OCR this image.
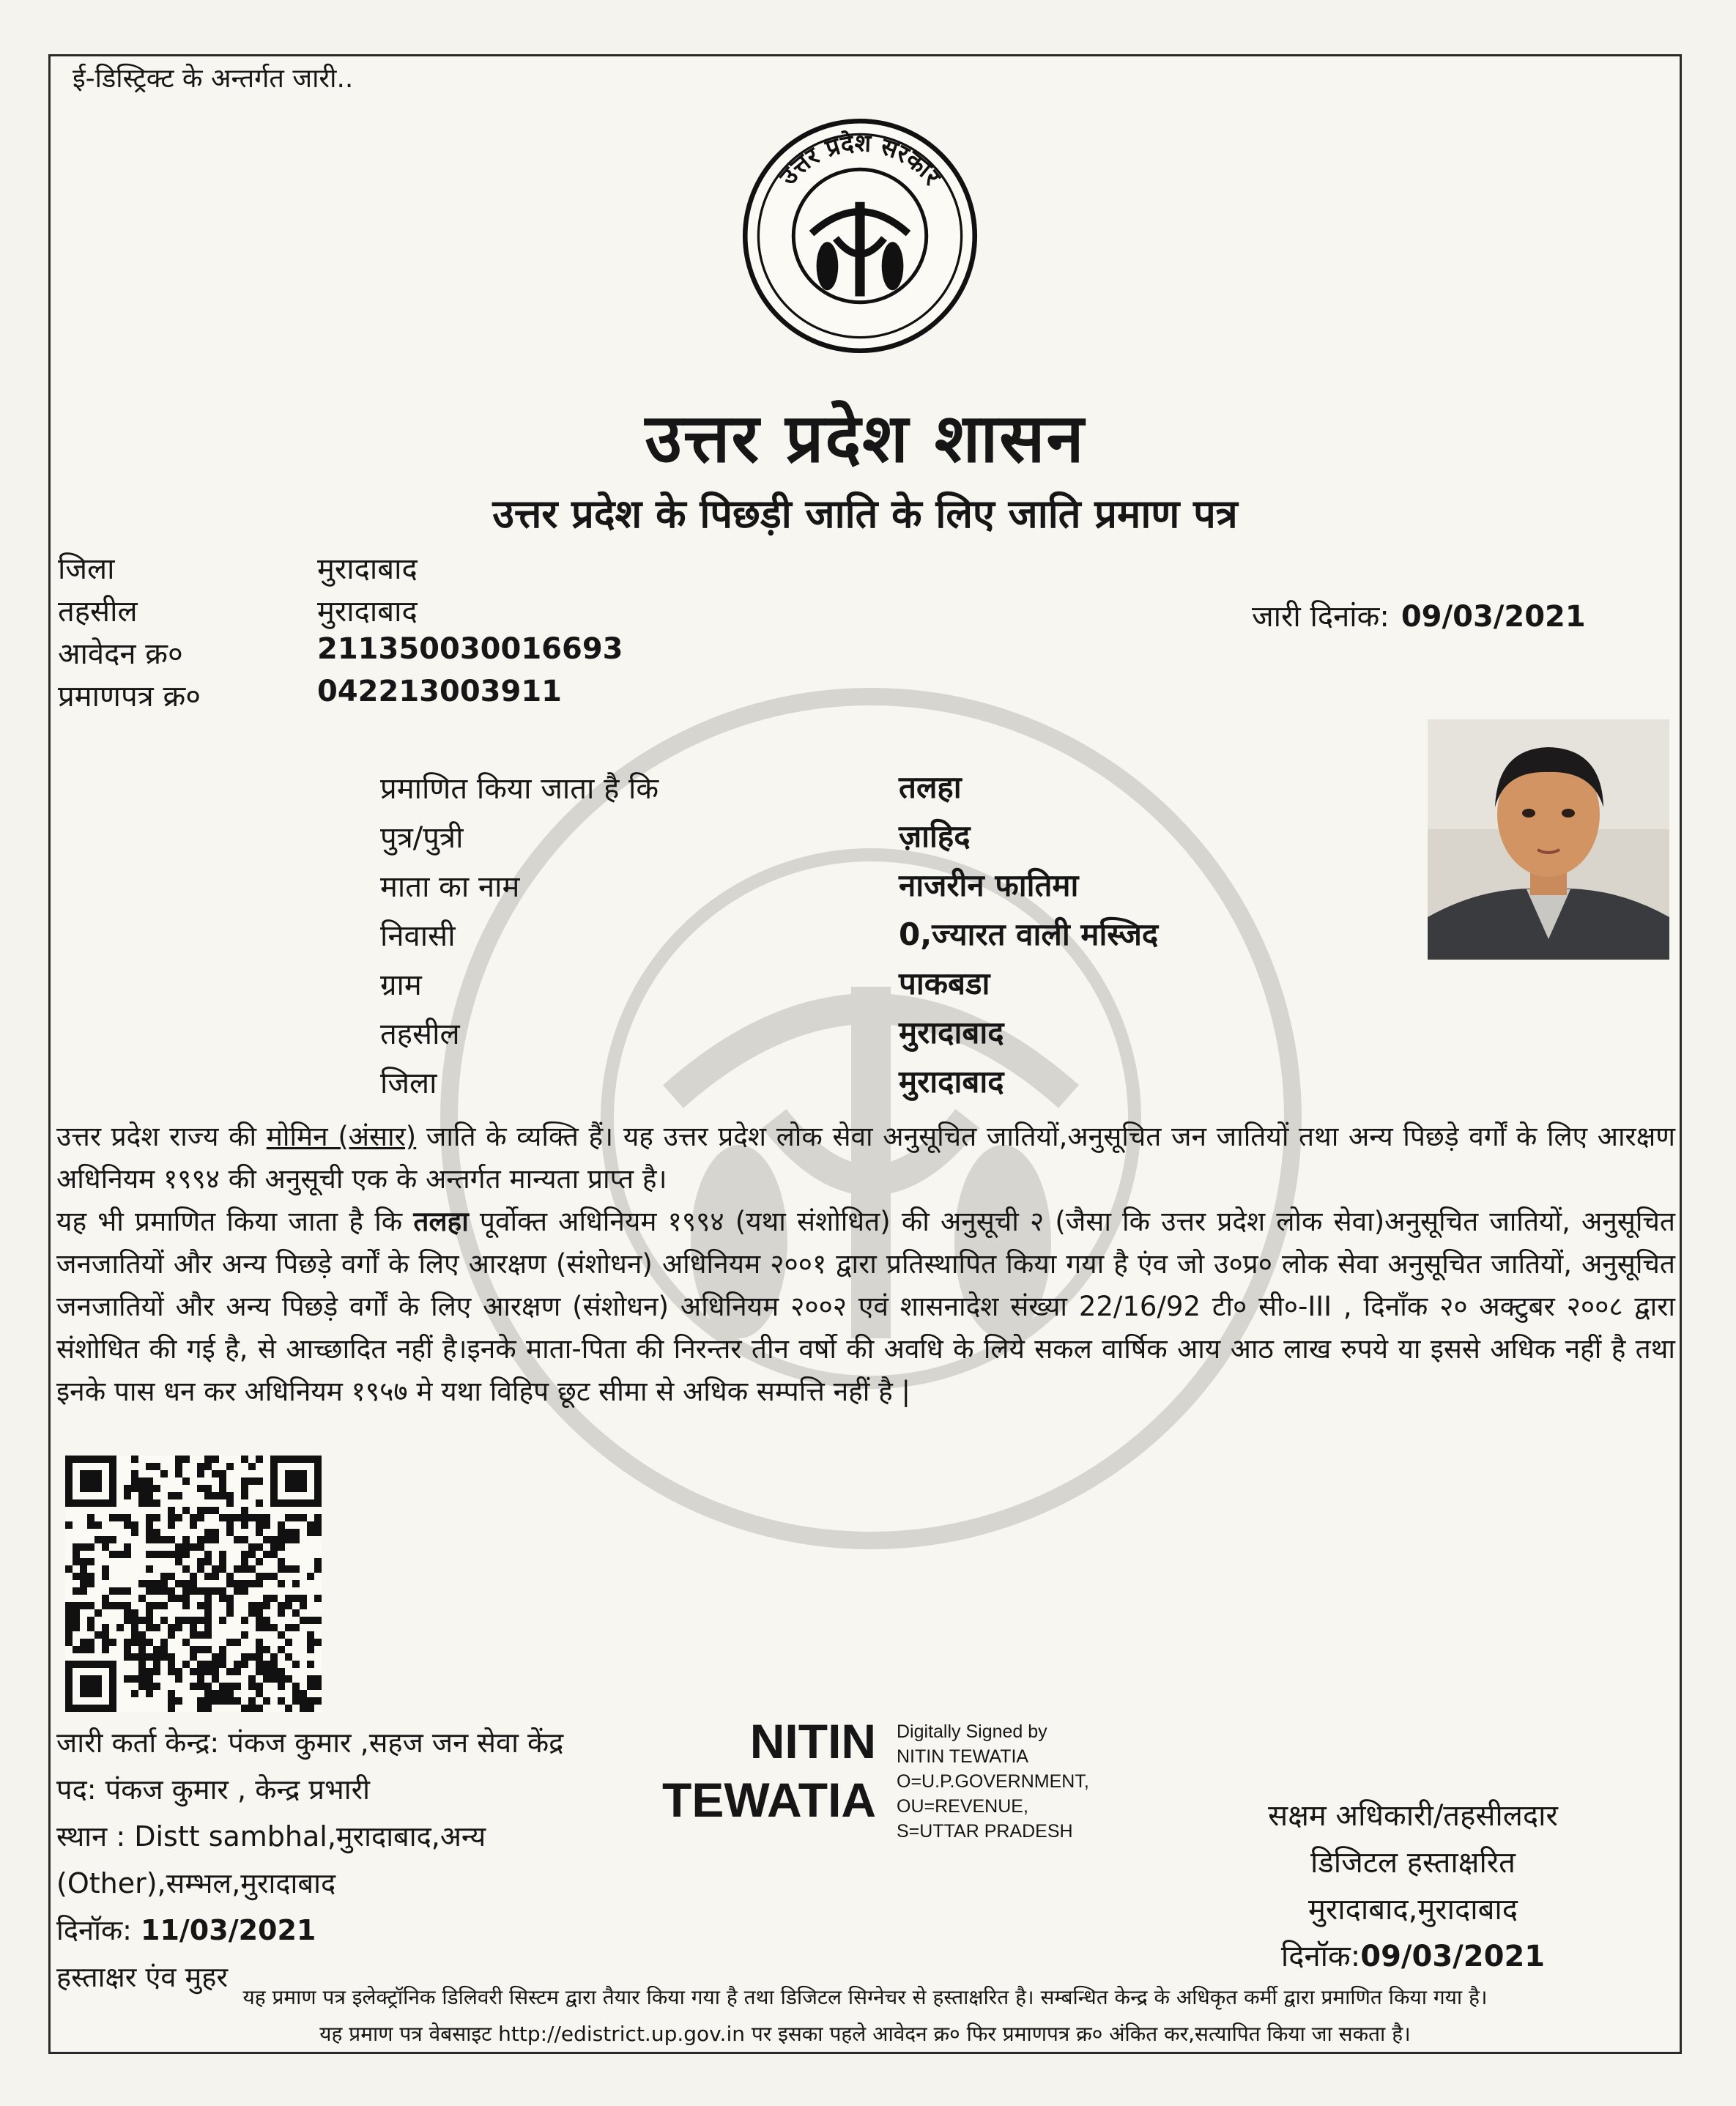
ई-डिस्ट्रिक्ट के अन्तर्गत जारी..
उत्तर प्रदेश सरकार
उत्तर प्रदेश शासन
उत्तर प्रदेश के पिछड़ी जाति के लिए जाति प्रमाण पत्र
जिला	मुरादाबाद
तहसील	मुरादाबाद
आवेदन क्र०	211350030016693
प्रमाणपत्र क्र०	042213003911
जारी दिनांक: 09/03/2021
प्रमाणित किया जाता है कि	तलहा
पुत्र/पुत्री	ज़ाहिद
माता का नाम	नाजरीन फातिमा
निवासी	0,ज्यारत वाली मस्जिद
ग्राम	पाकबडा
तहसील	मुरादाबाद
जिला	मुरादाबाद

उत्तर प्रदेश राज्य की मोमिन (अंसार) जाति के व्यक्ति हैं। यह उत्तर प्रदेश लोक सेवा अनुसूचित जातियों,अनुसूचित जन जातियों तथा अन्य पिछड़े वर्गों के लिए आरक्षण अधिनियम १९९४ की अनुसूची एक के अन्तर्गत मान्यता प्राप्त है।

यह भी प्रमाणित किया जाता है कि तलहा पूर्वोक्त अधिनियम १९९४ (यथा संशोधित) की अनुसूची २ (जैसा कि उत्तर प्रदेश लोक सेवा)अनुसूचित जातियों, अनुसूचित जनजातियों और अन्य पिछड़े वर्गों के लिए आरक्षण (संशोधन) अधिनियम २००१ द्वारा प्रतिस्थापित किया गया है एंव जो उ०प्र० लोक सेवा अनुसूचित जातियों, अनुसूचित जनजातियों और अन्य पिछड़े वर्गों के लिए आरक्षण (संशोधन) अधिनियम २००२ एवं शासनादेश संख्या 22/16/92 टी० सी०-III , दिनाँक २० अक्टुबर २००८ द्वारा संशोधित की गई है, से आच्छादित नहीं है।इनके माता-पिता की निरन्तर तीन वर्षो की अवधि के लिये सकल वार्षिक आय आठ लाख रुपये या इससे अधिक नहीं है तथा इनके पास धन कर अधिनियम १९५७ मे यथा विहिप छूट सीमा से अधिक सम्पत्ति नहीं है |

जारी कर्ता केन्द्र: पंकज कुमार ,सहज जन सेवा केंद्र
पद: पंकज कुमार , केन्द्र प्रभारी
स्थान : Distt sambhal,मुरादाबाद,अन्य
(Other),सम्भल,मुरादाबाद
दिनॉक: 11/03/2021
हस्ताक्षर एंव मुहर
NITIN
TEWATIA
Digitally Signed by
NITIN TEWATIA
O=U.P.GOVERNMENT,
OU=REVENUE,
S=UTTAR PRADESH	सक्षम अधिकारी/तहसीलदार
डिजिटल हस्ताक्षरित
मुरादाबाद,मुरादाबाद
दिनॉक:09/03/2021
यह प्रमाण पत्र इलेक्ट्रॉनिक डिलिवरी सिस्टम द्वारा तैयार किया गया है तथा डिजिटल सिग्नेचर से हस्ताक्षरित है। सम्बन्धित केन्द्र के अधिकृत कर्मी द्वारा प्रमाणित किया गया है।
यह प्रमाण पत्र वेबसाइट http://edistrict.up.gov.in पर इसका पहले आवेदन क्र० फिर प्रमाणपत्र क्र० अंकित कर,सत्यापित किया जा सकता है।
